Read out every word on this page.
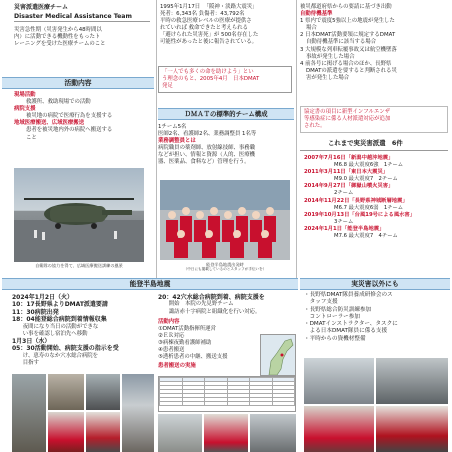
災害派遣医療チーム
Disaster Medical Assistance Team
災害急性期（災害発生から48時間以
内）に活動できる機動性をもったト
レーニングを受けた医療チームのこと
活動内容
現場活動
救護所、救助現場での活動
病院支援
被災地の病院で医療行為を支援する
地域医療搬送、広域医療搬送
患者を被災地内外の病院へ搬送する
こと
自衛隊の協力を得て、広域医療搬送訓練の風景
1995年1月17日 「阪神・淡路大震災」
死者：6,343名 負傷者：43,792名
平時の救急医療レベルの医療が提供さ
れていれば 救命できたと考えられる
「避けられた災害死」が 500名存在した
可能性があったと後に報告されている。
「一人でも多くの命を助けよう」とい
う理念のもと、2005年4月　日本DMAT
発足
ＤＭＡＴの標準的チーム構成
1チーム5名
医師2名、看護師2名、業務調整員 1名等
業務調整員とは
病院職員の薬剤師、放射線技師、事務職
などが担い、情報と資源（人的、医療機
器、医薬品、食料など）管理を行う。
能登半島地震出発時
（中日にも掲載しているのとスタッフが手伝いを）
被災都道府県からの要請に基づき出動
自動待機基準
1 県内で震度5強以上の地震が発生した
場合
2 日本DMAT活動要領に規定するDMAT
自動待機基準に該当する場合
3 大規模な列車転覆事故又は航空機墜落
事故が発生した場合
4 前各号に掲げる場合のほか、長野県
DMATの派遣を要すると判断される災
害が発生した場合
協定書の項目に新型インフルエンザ
等感染症に係る人材派遣対応が追加
された。
これまで実災害派遣　6件
2007年7月16日「新潟中越沖地震」
M6.8 最大震度6強　1チーム
2011年3月11日「東日本大震災」
M9.0 最大震度7　2チーム
2014年9月27日「御嶽山噴火災害」
2チーム
2014年11月22日「長野県神城断層地震」
M6.7 最大震度6弱　1チーム
2019年10月13日「台風19号による風水害」
3チーム
2024年1月1日「能登半島地震」
M7.6 最大震度7　4チーム
能登半島地震	実災害以外にも
2024年1月2日（火）
10：17長野県よりDMAT派遣要請
11：30病院出発
18：04能登総合病院到着情報収集
　　夜間になり当日の活動ができな
　　い事を確認し宿泊先へ移動
1月3日（水）
05：30活動開始、病院支援の指示を受
　　け、恵寿のなか穴水総合病院を
　　目指す
20：42穴水総合病院到着、病院支援を
　　開始　本院の先見野チーム
　　諏訪赤十字病院と組織化を行い対応。
活動内容
①DMAT活動指揮所運営
②ＥＲ対応
③病棟夜勤看護師補助
④患者搬送
⑤透析患者の中継、搬送支援
患者搬送の実施

・長野県DMAT隊員養成研修会のス
　タッフ支援
・長野県総合防災訓練参加
　コントローラー参加
・DMATインストラクター、タスクに
　よる日本DMAT隊員に係る支援
・平時からの資機材整備
